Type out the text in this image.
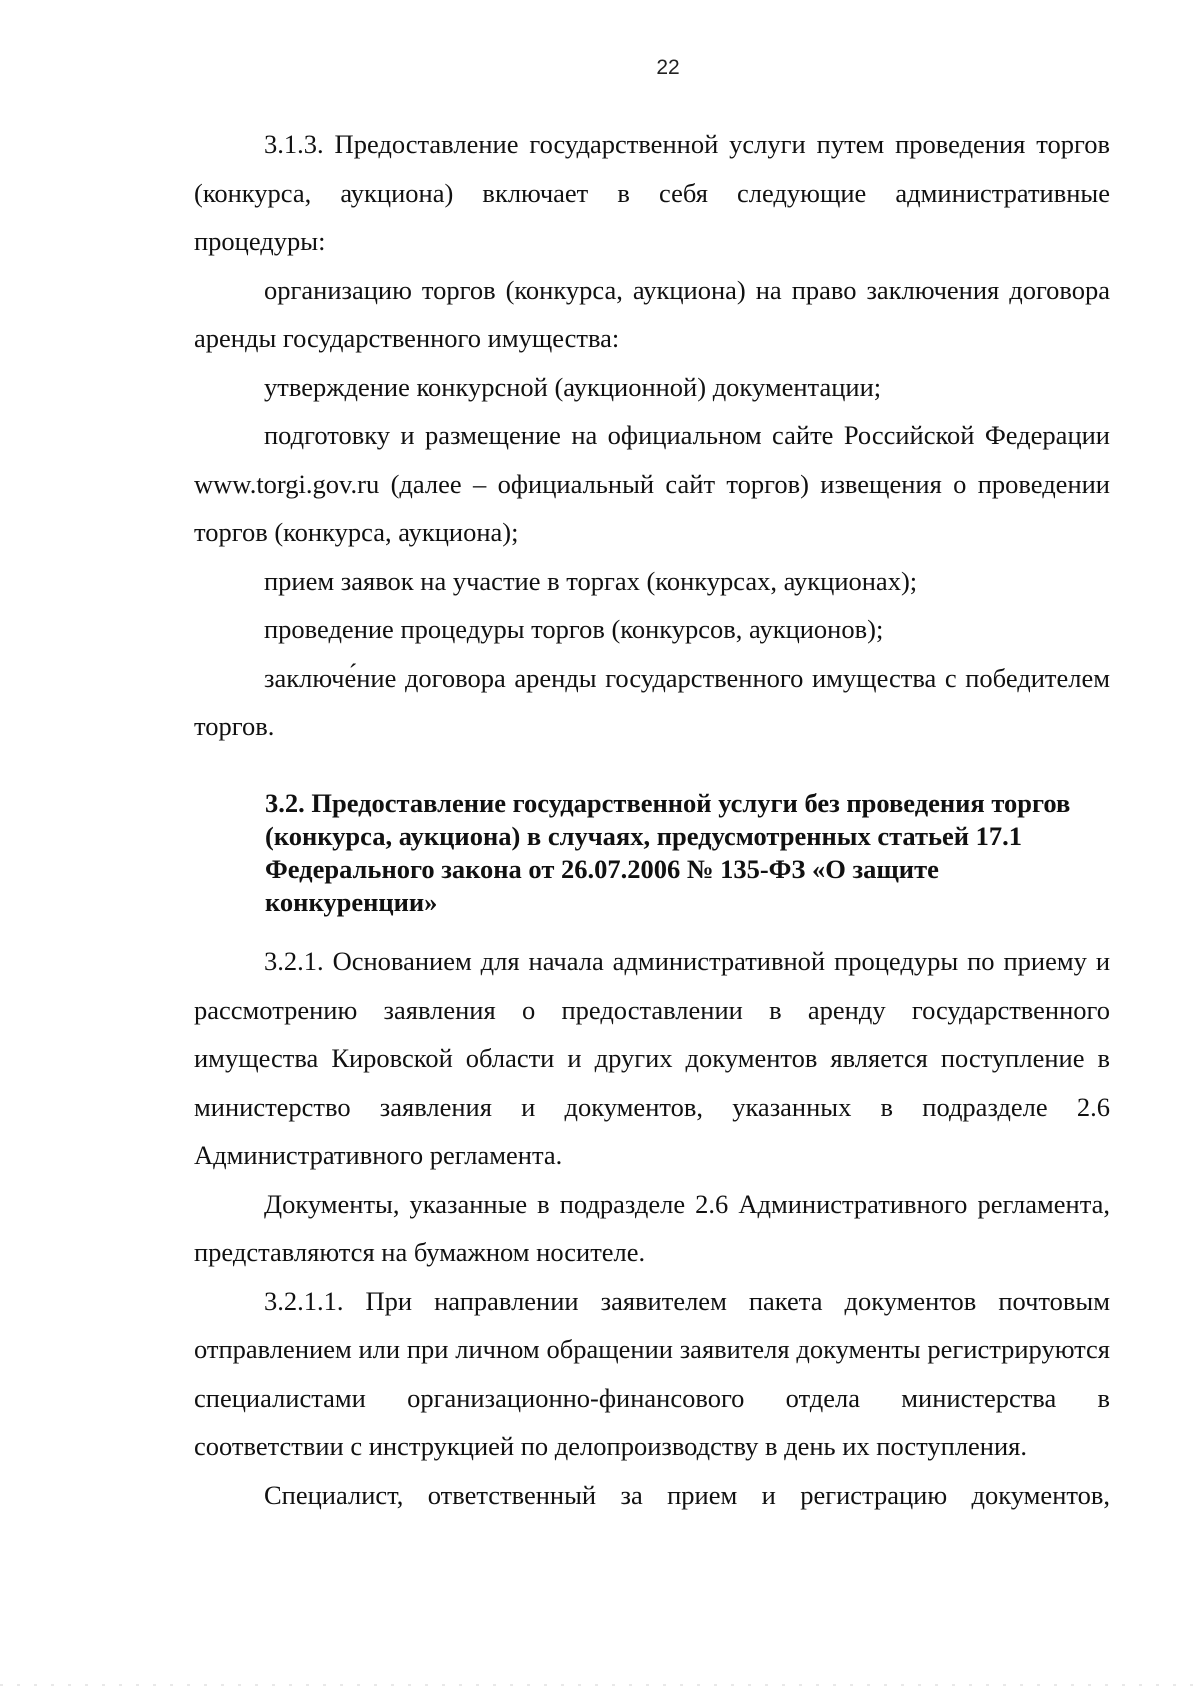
22

3.1.3. Предоставление государственной услуги путем проведения торгов (конкурса, аукциона) включает в себя следующие административные процедуры:

организацию торгов (конкурса, аукциона) на право заключения договора аренды государственного имущества:

утверждение конкурсной (аукционной) документации;

подготовку и размещение на официальном сайте Российской Федерации www.torgi.gov.ru (далее – официальный сайт торгов) извещения о проведении торгов (конкурса, аукциона);

прием заявок на участие в торгах (конкурсах, аукционах);

проведение процедуры торгов (конкурсов, аукционов);

заключе́ние договора аренды государственного имущества с победителем торгов.

3.2. Предоставление государственной услуги без проведения торгов (конкурса, аукциона) в случаях, предусмотренных статьей 17.1 Федерального закона от 26.07.2006 № 135-ФЗ «О защите конкуренции»

3.2.1. Основанием для начала административной процедуры по приему и рассмотрению заявления о предоставлении в аренду государственного имущества Кировской области и других документов является поступление в министерство заявления и документов, указанных в подразделе 2.6 Административного регламента.

Документы, указанные в подразделе 2.6 Административного регламента, представляются на бумажном носителе.

3.2.1.1. При направлении заявителем пакета документов почтовым отправлением или при личном обращении заявителя документы регистрируются специалистами организационно-финансового отдела министерства в соответствии с инструкцией по делопроизводству в день их поступления.

Специалист, ответственный за прием и регистрацию документов,
